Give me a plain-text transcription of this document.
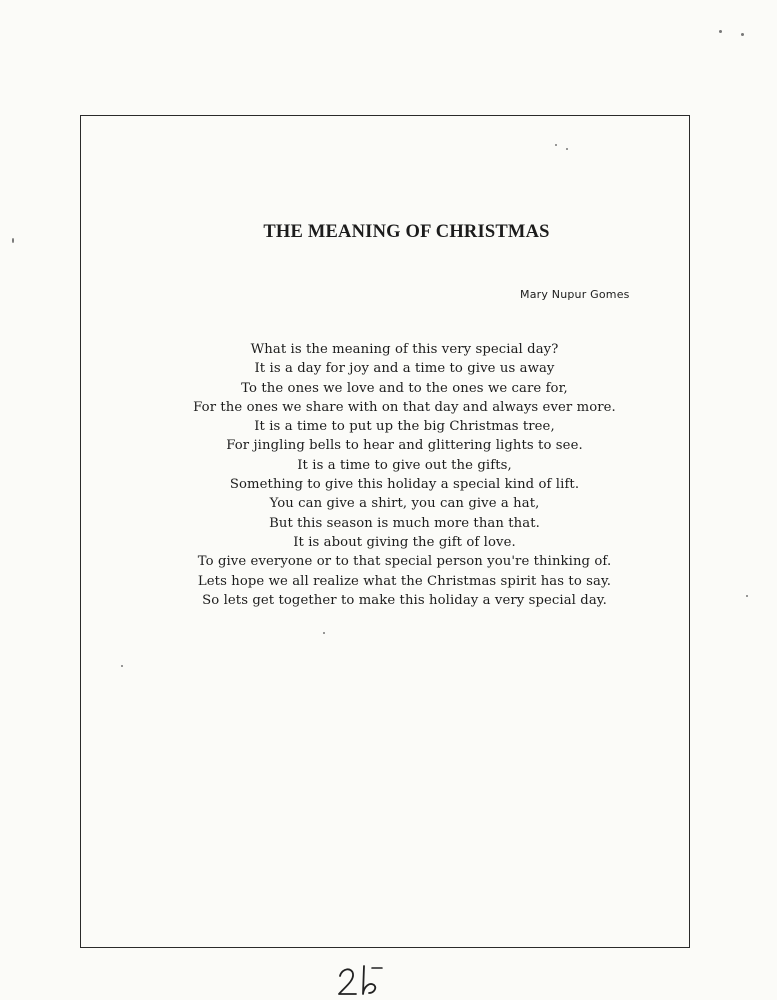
THE MEANING OF CHRISTMAS

Mary Nupur Gomes

What is the meaning of this very special day?
It is a day for joy and a time to give us away
To the ones we love and to the ones we care for,
For the ones we share with on that day and always ever more.
It is a time to put up the big Christmas tree,
For jingling bells to hear and glittering lights to see.
It is a time to give out the gifts,
Something to give this holiday a special kind of lift.
You can give a shirt, you can give a hat,
But this season is much more than that.
It is about giving the gift of love.
To give everyone or to that special person you're thinking of.
Lets hope we all realize what the Christmas spirit has to say.
So lets get together to make this holiday a very special day.
